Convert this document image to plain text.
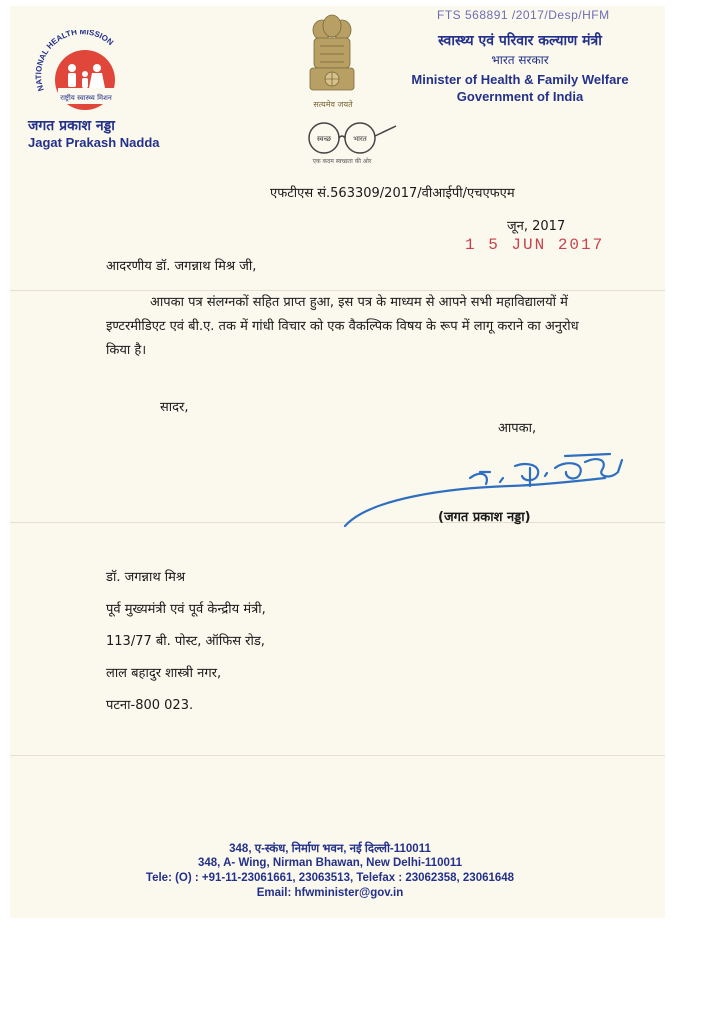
NATIONAL HEALTH MISSION
राष्ट्रीय स्वास्थ्य मिशन
जगत प्रकाश नड्डा
Jagat Prakash Nadda
सत्यमेव जयते
स्वच्छ	भारत
एक कदम स्वच्छता की ओर
FTS 568891 /2017/Desp/HFM
स्वास्थ्य एवं परिवार कल्याण मंत्री
भारत सरकार
Minister of Health & Family Welfare
Government of India
एफटीएस सं.563309/2017/वीआईपी/एचएफएम
जून, 2017
1 5 JUN 2017
आदरणीय डॉ. जगन्नाथ मिश्र जी,
आपका पत्र संलग्नकों सहित प्राप्त हुआ, इस पत्र के माध्यम से आपने सभी महाविद्यालयों में इण्टरमीडिएट एवं बी.ए. तक में गांधी विचार को एक वैकल्पिक विषय के रूप में लागू कराने का अनुरोध किया है।
सादर,
आपका,
(जगत प्रकाश नड्डा)
डॉ. जगन्नाथ मिश्र
पूर्व मुख्यमंत्री एवं पूर्व केन्द्रीय मंत्री,
113/77 बी. पोस्ट, ऑफिस रोड,
लाल बहादुर शास्त्री नगर,
पटना-800 023.
348, ए-स्कंध, निर्माण भवन, नई दिल्ली-110011
348, A- Wing, Nirman Bhawan, New Delhi-110011
Tele: (O) : +91-11-23061661, 23063513, Telefax : 23062358, 23061648
Email: hfwminister@gov.in
